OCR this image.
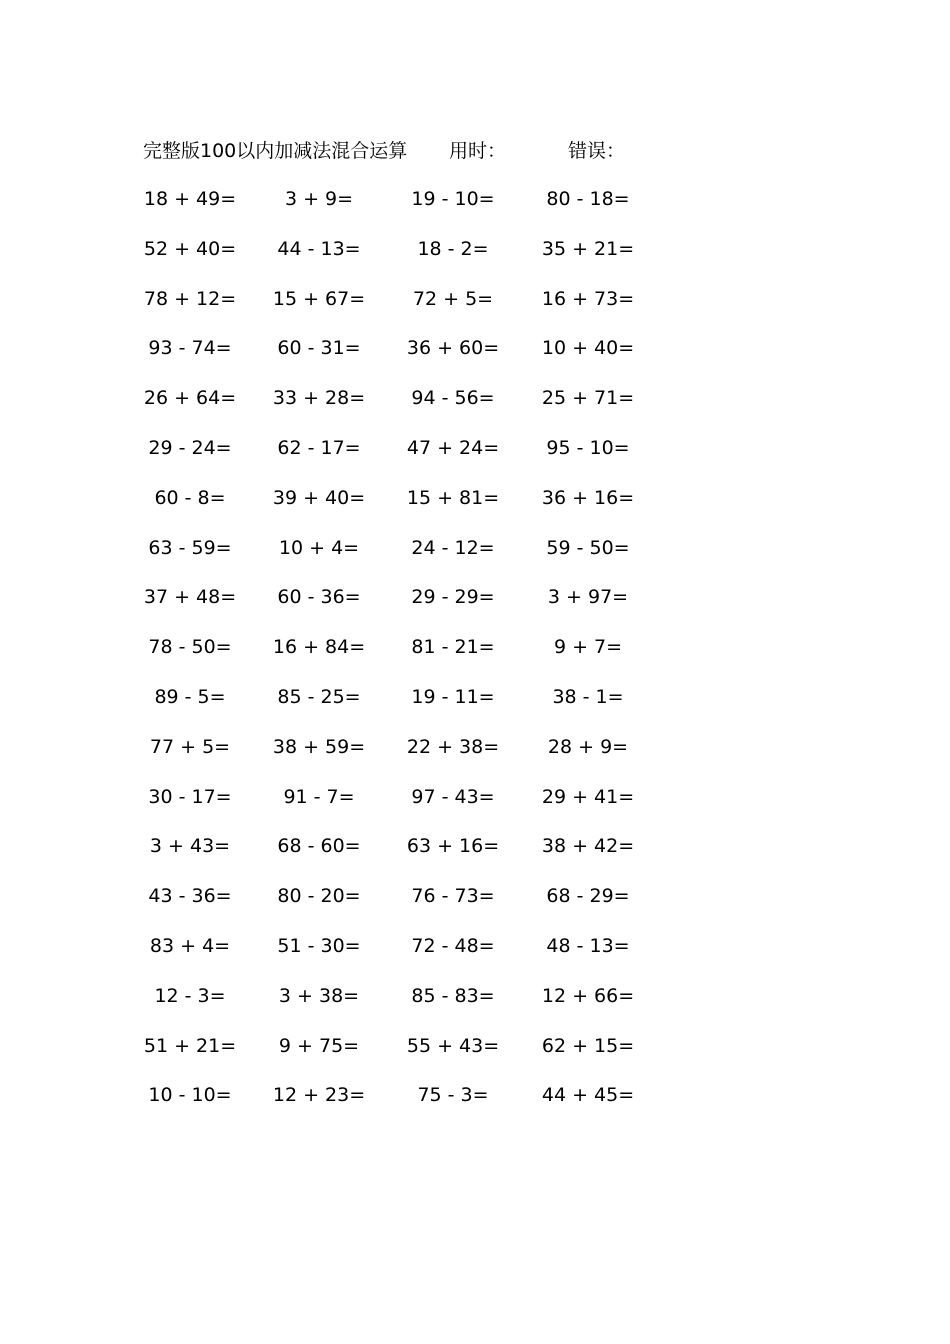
完整版100以内加减法混合运算 用时：	错误：
18 + 49=	3 + 9=	19 - 10=	80 - 18=
52 + 40=	44 - 13=	18 - 2=	35 + 21=
78 + 12=	15 + 67=	72 + 5=	16 + 73=
93 - 74=	60 - 31=	36 + 60=	10 + 40=
26 + 64=	33 + 28=	94 - 56=	25 + 71=
29 - 24=	62 - 17=	47 + 24=	95 - 10=
60 - 8=	39 + 40=	15 + 81=	36 + 16=
63 - 59=	10 + 4=	24 - 12=	59 - 50=
37 + 48=	60 - 36=	29 - 29=	3 + 97=
78 - 50=	16 + 84=	81 - 21=	9 + 7=
89 - 5=	85 - 25=	19 - 11=	38 - 1=
77 + 5=	38 + 59=	22 + 38=	28 + 9=
30 - 17=	91 - 7=	97 - 43=	29 + 41=
3 + 43=	68 - 60=	63 + 16=	38 + 42=
43 - 36=	80 - 20=	76 - 73=	68 - 29=
83 + 4=	51 - 30=	72 - 48=	48 - 13=
12 - 3=	3 + 38=	85 - 83=	12 + 66=
51 + 21=	9 + 75=	55 + 43=	62 + 15=
10 - 10=	12 + 23=	75 - 3=	44 + 45=
